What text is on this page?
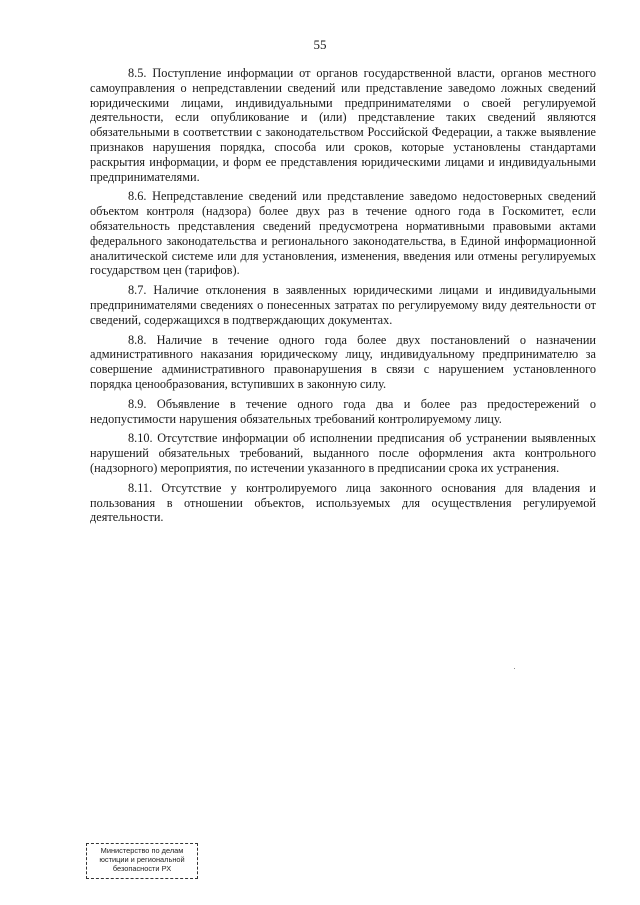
55

8.5. Поступление информации от органов государственной власти, органов местного самоуправления о непредставлении сведений или представление заведомо ложных сведений юридическими лицами, индивидуальными предпринимателями о своей регулируемой деятельности, если опубликование и (или) представление таких сведений являются обязательными в соответствии с законодательством Российской Федерации, а также выявление признаков нарушения порядка, способа или сроков, которые установлены стандартами раскрытия информации, и форм ее представления юридическими лицами и индивидуальными предпринимателями.

8.6. Непредставление сведений или представление заведомо недостоверных сведений объектом контроля (надзора) более двух раз в течение одного года в Госкомитет, если обязательность представления сведений предусмотрена нормативными правовыми актами федерального законодательства и регионального законодательства, в Единой информационной аналитической системе или для установления, изменения, введения или отмены регулируемых государством цен (тарифов).

8.7. Наличие отклонения в заявленных юридическими лицами и индивидуальными предпринимателями сведениях о понесенных затратах по регулируемому виду деятельности от сведений, содержащихся в подтверждающих документах.

8.8. Наличие в течение одного года более двух постановлений о назначении административного наказания юридическому лицу, индивидуальному предпринимателю за совершение административного правонарушения в связи с нарушением установленного порядка ценообразования, вступивших в законную силу.

8.9. Объявление в течение одного года два и более раз предостережений о недопустимости нарушения обязательных требований контролируемому лицу.

8.10. Отсутствие информации об исполнении предписания об устранении выявленных нарушений обязательных требований, выданного после оформления акта контрольного (надзорного) мероприятия, по истечении указанного в предписании срока их устранения.

8.11. Отсутствие у контролируемого лица законного основания для владения и пользования в отношении объектов, используемых для осуществления регулируемой деятельности.

Министерство по делам
юстиции и региональной
безопасности РХ
